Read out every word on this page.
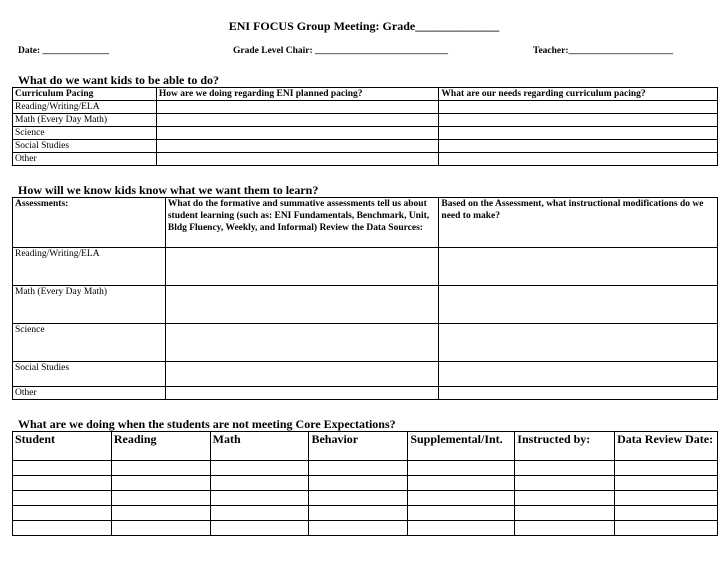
ENI FOCUS Group Meeting: Grade______________
Date: ______________	Grade Level Chair: ____________________________	Teacher:______________________
What do we want kids to be able to do?
Curriculum Pacing	How are we doing regarding ENI planned pacing?	What are our needs regarding curriculum pacing?
Reading/Writing/ELA		
Math (Every Day Math)		
Science		
Social Studies		
Other		
How will we know kids know what we want them to learn?
Assessments:	What do the formative and summative assessments tell us about student learning (such as: ENI Fundamentals, Benchmark, Unit, Bldg Fluency, Weekly, and Informal) Review the Data Sources:	Based on the Assessment, what instructional modifications do we need to make?
Reading/Writing/ELA		
Math (Every Day Math)		
Science		
Social Studies		
Other		
What are we doing when the students are not meeting Core Expectations?
Student	Reading	Math	Behavior	Supplemental/Int.	Instructed by:	Data Review Date:
